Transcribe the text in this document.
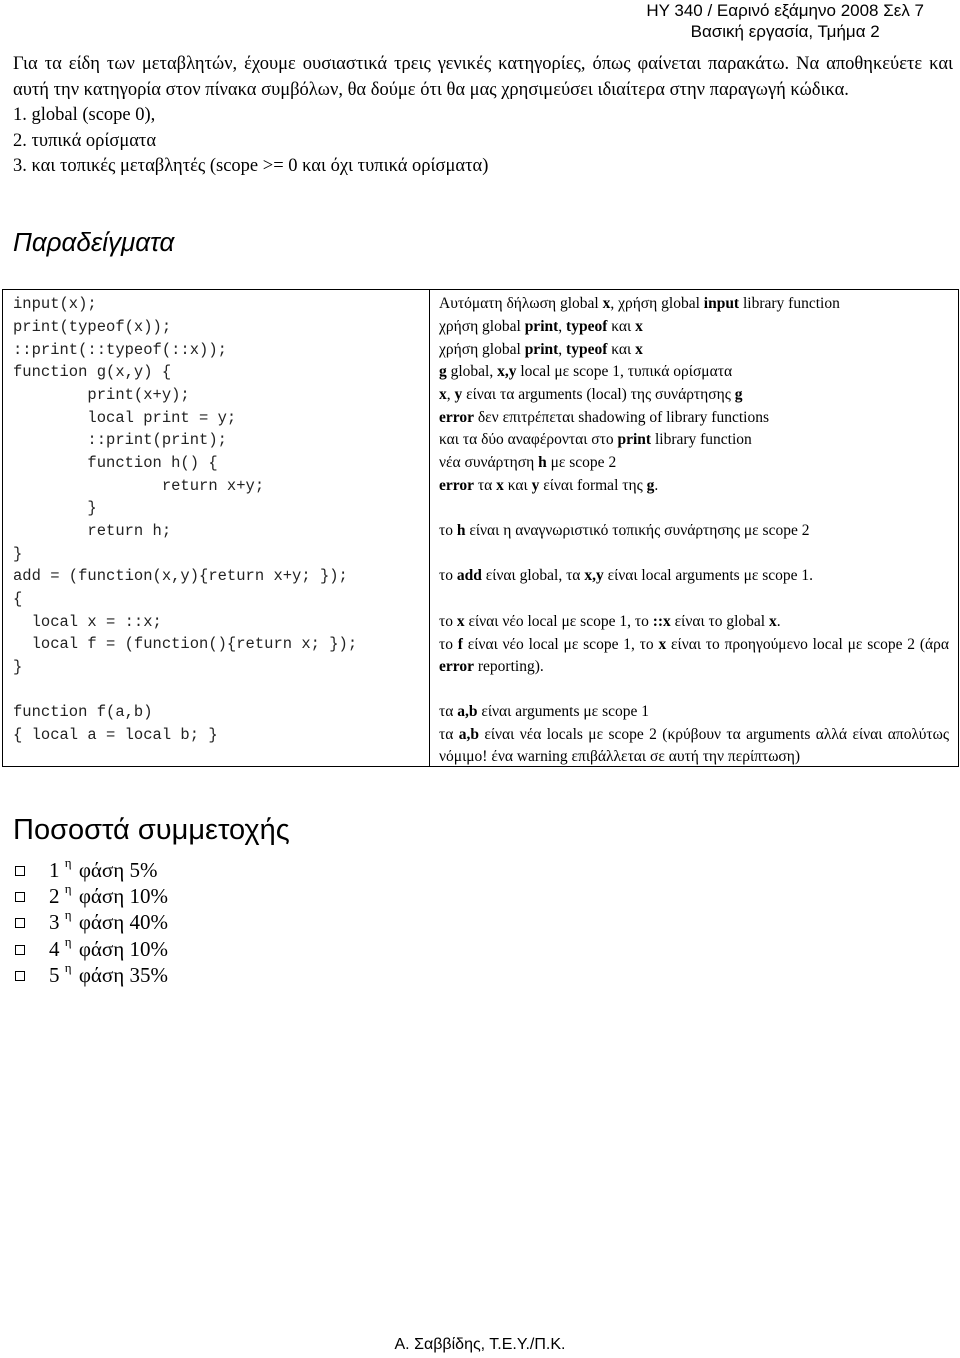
ΗΥ 340 / Εαρινό εξάμηνο 2008 Σελ 7
Βασική εργασία, Τμήμα 2

Για τα είδη των μεταβλητών, έχουμε ουσιαστικά τρεις γενικές κατηγορίες, όπως φαίνεται παρακάτω. Να αποθηκεύετε και αυτή την κατηγορία στον πίνακα συμβόλων, θα δούμε ότι θα μας χρησιμεύσει ιδιαίτερα στην παραγωγή κώδικα.

1. global (scope 0),

2. τυπικά ορίσματα

3. και τοπικές μεταβλητές (scope >= 0 και όχι τυπικά ορίσματα)

Παραδείγματα
input(x);
print(typeof(x));
::print(::typeof(::x));
function g(x,y) {
print(x+y);
local print = y;
::print(print);
function h() {
return x+y;
}
return h;
}
add = (function(x,y){return x+y; });
{
local x = ::x;
local f = (function(){return x; });
}
function f(a,b)
{ local a = local b; }
Αυτόματη δήλωση global x, χρήση global input library function
χρήση global print, typeof και x
χρήση global print, typeof και x
g global, x,y local με scope 1, τυπικά ορίσματα
x, y είναι τα arguments (local) της συνάρτησης g
error δεν επιτρέπεται shadowing of library functions
και τα δύο αναφέρονται στο print library function
νέα συνάρτηση h με scope 2
error τα x και y είναι formal της g.
το h είναι η αναγνωριστικό τοπικής συνάρτησης με scope 2
το add είναι global, τα x,y είναι local arguments με scope 1.
το x είναι νέο local με scope 1, το ::x είναι το global x.
το f είναι νέο local με scope 1, το x είναι το προηγούμενο local με scope 2 (άρα error reporting).
τα a,b είναι arguments με scope 1
τα a,b είναι νέα locals με scope 2 (κρύβουν τα arguments αλλά είναι απολύτως νόμιμο! ένα warning επιβάλλεται σε αυτή την περίπτωση)
Ποσοστά συμμετοχής
1 $^\eta$ φάση 5%
2 $^\eta$ φάση 10%
3 $^\eta$ φάση 40%
4 $^\eta$ φάση 10%
5 $^\eta$ φάση 35%
Α. Σαββίδης, Τ.Ε.Υ./Π.Κ.
